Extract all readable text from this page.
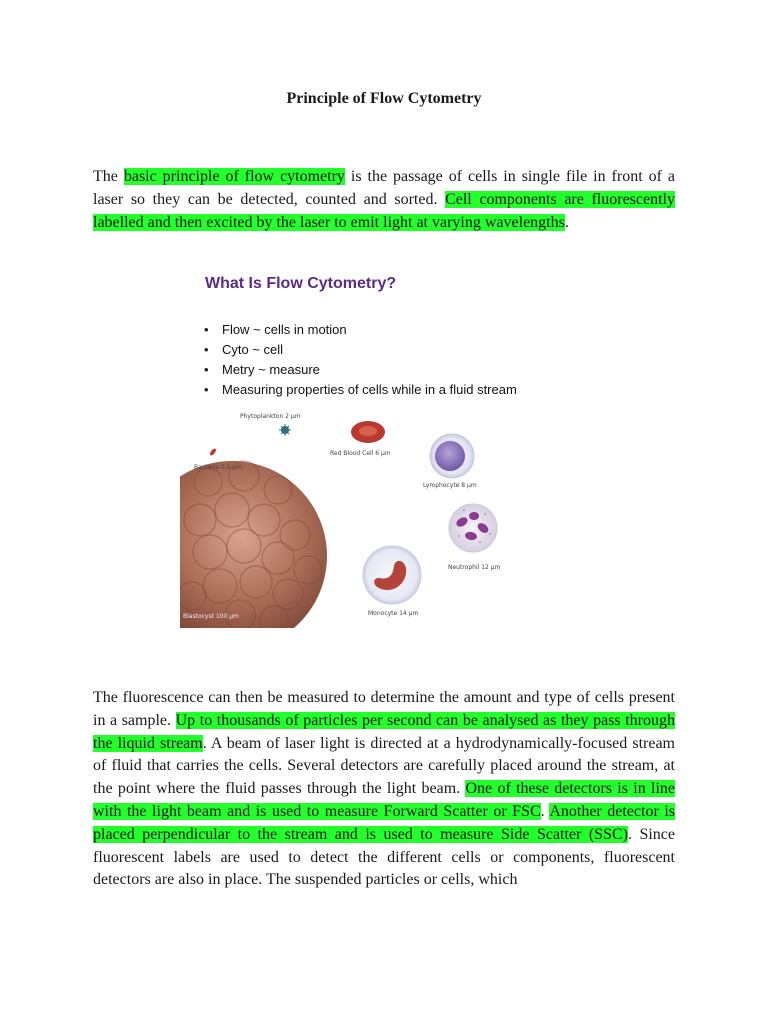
Principle of Flow Cytometry

The basic principle of flow cytometry is the passage of cells in single file in front of a laser so they can be detected, counted and sorted. Cell components are fluorescently labelled and then excited by the laser to emit light at varying wavelengths.

What Is Flow Cytometry?
• Flow ~ cells in motion
• Cyto ~ cell
• Metry ~ measure
• Measuring properties of cells while in a fluid stream
Phytoplankton 2 μm
Red Blood Cell 6 μm
Bacteria 0.5 μm
Lymphocyte 8 μm
Neutrophil 12 μm
Monocyte 14 μm
Blastocyst 100 μm

The fluorescence can then be measured to determine the amount and type of cells present in a sample. Up to thousands of particles per second can be analysed as they pass through the liquid stream. A beam of laser light is directed at a hydrodynamically-focused stream of fluid that carries the cells. Several detectors are carefully placed around the stream, at the point where the fluid passes through the light beam. One of these detectors is in line with the light beam and is used to measure Forward Scatter or FSC. Another detector is placed perpendicular to the stream and is used to measure Side Scatter (SSC). Since fluorescent labels are used to detect the different cells or components, fluorescent detectors are also in place. The suspended particles or cells, which
